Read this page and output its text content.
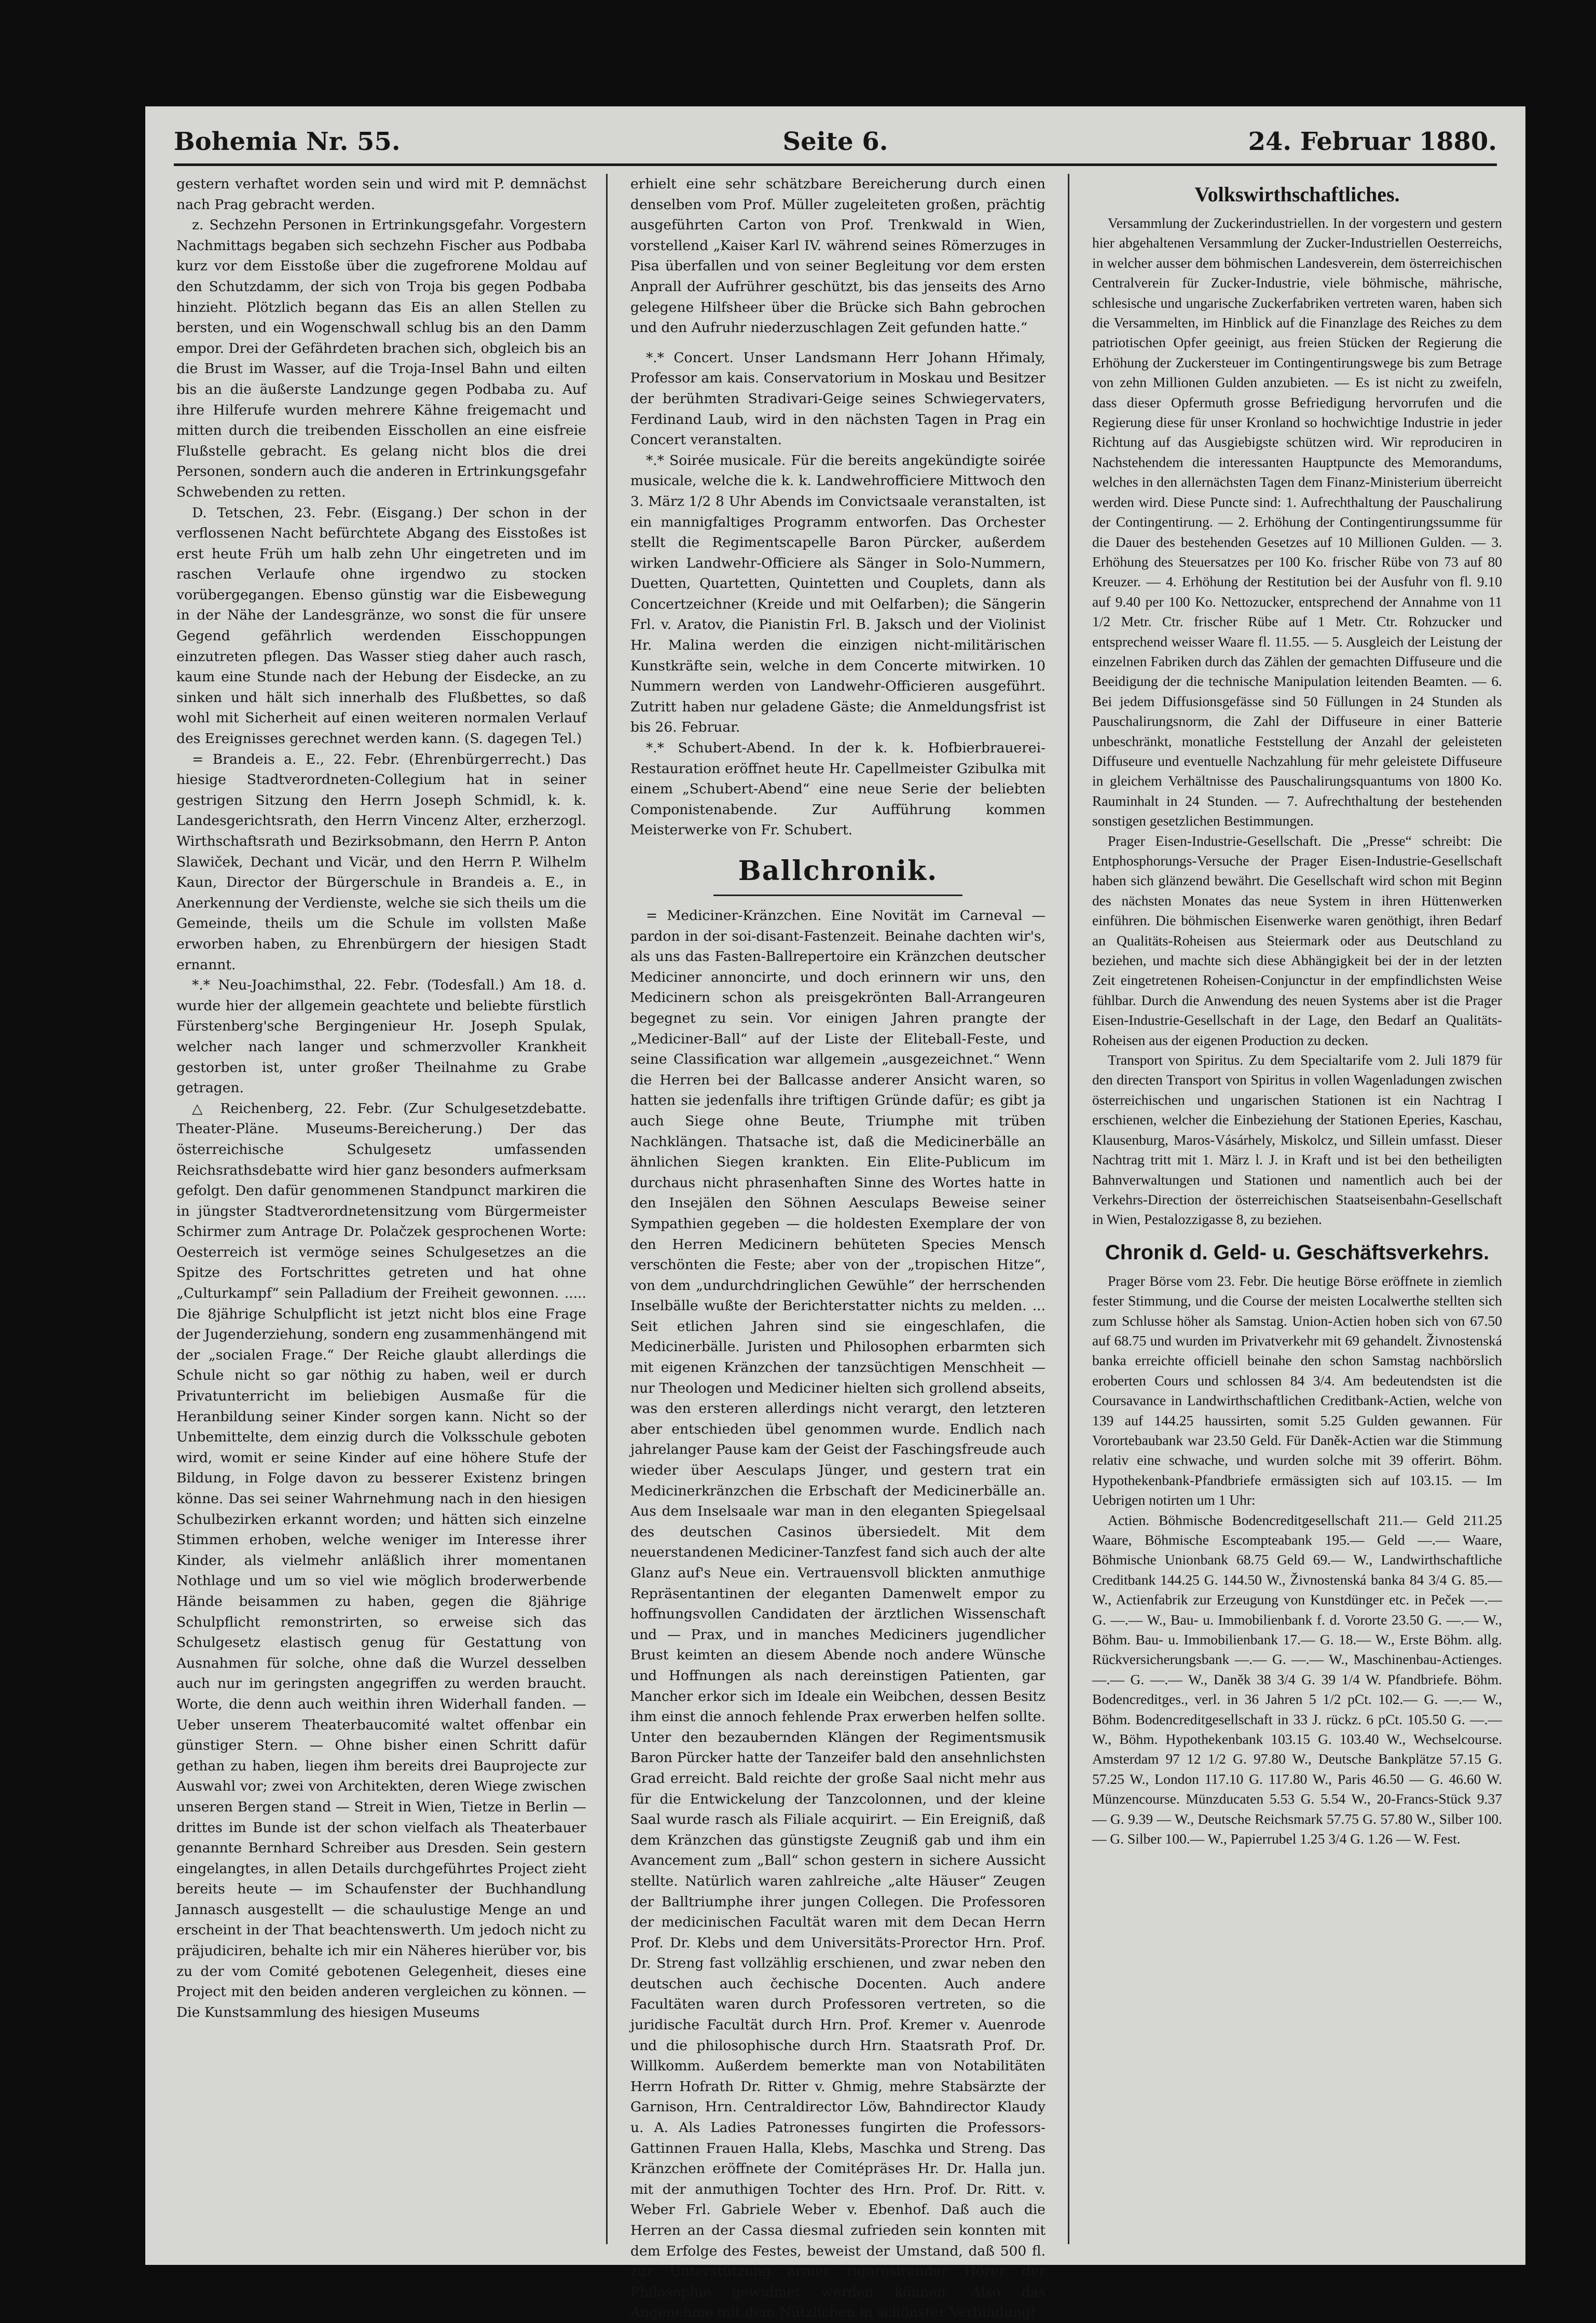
Bohemia Nr. 55.	Seite 6.	24. Februar 1880.

gestern verhaftet worden sein und wird mit P. demnächst nach Prag gebracht werden.

z. Sechzehn Personen in Ertrinkungsgefahr. Vorgestern Nachmittags begaben sich sechzehn Fischer aus Podbaba kurz vor dem Eisstoße über die zugefrorene Moldau auf den Schutzdamm, der sich von Troja bis gegen Podbaba hinzieht. Plötzlich begann das Eis an allen Stellen zu bersten, und ein Wogenschwall schlug bis an den Damm empor. Drei der Gefährdeten brachen sich, obgleich bis an die Brust im Wasser, auf die Troja-Insel Bahn und eilten bis an die äußerste Landzunge gegen Podbaba zu. Auf ihre Hilferufe wurden mehrere Kähne freigemacht und mitten durch die treibenden Eisschollen an eine eisfreie Flußstelle gebracht. Es gelang nicht blos die drei Personen, sondern auch die anderen in Ertrinkungsgefahr Schwebenden zu retten.

D. Tetschen, 23. Febr. (Eisgang.) Der schon in der verflossenen Nacht befürchtete Abgang des Eisstoßes ist erst heute Früh um halb zehn Uhr eingetreten und im raschen Verlaufe ohne irgendwo zu stocken vorübergegangen. Ebenso günstig war die Eisbewegung in der Nähe der Landesgränze, wo sonst die für unsere Gegend gefährlich werdenden Eisschoppungen einzutreten pflegen. Das Wasser stieg daher auch rasch, kaum eine Stunde nach der Hebung der Eisdecke, an zu sinken und hält sich innerhalb des Flußbettes, so daß wohl mit Sicherheit auf einen weiteren normalen Verlauf des Ereignisses gerechnet werden kann. (S. dagegen Tel.)

= Brandeis a. E., 22. Febr. (Ehrenbürgerrecht.) Das hiesige Stadtverordneten-Collegium hat in seiner gestrigen Sitzung den Herrn Joseph Schmidl, k. k. Landesgerichtsrath, den Herrn Vincenz Alter, erzherzogl. Wirthschaftsrath und Bezirksobmann, den Herrn P. Anton Slawiček, Dechant und Vicär, und den Herrn P. Wilhelm Kaun, Director der Bürgerschule in Brandeis a. E., in Anerkennung der Verdienste, welche sie sich theils um die Gemeinde, theils um die Schule im vollsten Maße erworben haben, zu Ehrenbürgern der hiesigen Stadt ernannt.

*.* Neu-Joachimsthal, 22. Febr. (Todesfall.) Am 18. d. wurde hier der allgemein geachtete und beliebte fürstlich Fürstenberg'sche Bergingenieur Hr. Joseph Spulak, welcher nach langer und schmerzvoller Krankheit gestorben ist, unter großer Theilnahme zu Grabe getragen.

△ Reichenberg, 22. Febr. (Zur Schulgesetzdebatte. Theater-Pläne. Museums-Bereicherung.) Der das österreichische Schulgesetz umfassenden Reichsrathsdebatte wird hier ganz besonders aufmerksam gefolgt. Den dafür genommenen Standpunct markiren die in jüngster Stadtverordnetensitzung vom Bürgermeister Schirmer zum Antrage Dr. Polačzek gesprochenen Worte: Oesterreich ist vermöge seines Schulgesetzes an die Spitze des Fortschrittes getreten und hat ohne „Culturkampf“ sein Palladium der Freiheit gewonnen. ..... Die 8jährige Schulpflicht ist jetzt nicht blos eine Frage der Jugenderziehung, sondern eng zusammenhängend mit der „socialen Frage.“ Der Reiche glaubt allerdings die Schule nicht so gar nöthig zu haben, weil er durch Privatunterricht im beliebigen Ausmaße für die Heranbildung seiner Kinder sorgen kann. Nicht so der Unbemittelte, dem einzig durch die Volksschule geboten wird, womit er seine Kinder auf eine höhere Stufe der Bildung, in Folge davon zu besserer Existenz bringen könne. Das sei seiner Wahrnehmung nach in den hiesigen Schulbezirken erkannt worden; und hätten sich einzelne Stimmen erhoben, welche weniger im Interesse ihrer Kinder, als vielmehr anläßlich ihrer momentanen Nothlage und um so viel wie möglich broderwerbende Hände beisammen zu haben, gegen die 8jährige Schulpflicht remonstrirten, so erweise sich das Schulgesetz elastisch genug für Gestattung von Ausnahmen für solche, ohne daß die Wurzel desselben auch nur im geringsten angegriffen zu werden braucht. Worte, die denn auch weithin ihren Widerhall fanden. — Ueber unserem Theaterbaucomité waltet offenbar ein günstiger Stern. — Ohne bisher einen Schritt dafür gethan zu haben, liegen ihm bereits drei Bauprojecte zur Auswahl vor; zwei von Architekten, deren Wiege zwischen unseren Bergen stand — Streit in Wien, Tietze in Berlin — drittes im Bunde ist der schon vielfach als Theaterbauer genannte Bernhard Schreiber aus Dresden. Sein gestern eingelangtes, in allen Details durchgeführtes Project zieht bereits heute — im Schaufenster der Buchhandlung Jannasch ausgestellt — die schaulustige Menge an und erscheint in der That beachtenswerth. Um jedoch nicht zu präjudiciren, behalte ich mir ein Näheres hierüber vor, bis zu der vom Comité gebotenen Gelegenheit, dieses eine Project mit den beiden anderen vergleichen zu können. — Die Kunstsammlung des hiesigen Museums

erhielt eine sehr schätzbare Bereicherung durch einen denselben vom Prof. Müller zugeleiteten großen, prächtig ausgeführten Carton von Prof. Trenkwald in Wien, vorstellend „Kaiser Karl IV. während seines Römerzuges in Pisa überfallen und von seiner Begleitung vor dem ersten Anprall der Aufrührer geschützt, bis das jenseits des Arno gelegene Hilfsheer über die Brücke sich Bahn gebrochen und den Aufruhr niederzuschlagen Zeit gefunden hatte.“

*.* Concert. Unser Landsmann Herr Johann Hřimaly, Professor am kais. Conservatorium in Moskau und Besitzer der berühmten Stradivari-Geige seines Schwiegervaters, Ferdinand Laub, wird in den nächsten Tagen in Prag ein Concert veranstalten.

*.* Soirée musicale. Für die bereits angekündigte soirée musicale, welche die k. k. Landwehrofficiere Mittwoch den 3. März 1/2 8 Uhr Abends im Convictsaale veranstalten, ist ein mannigfaltiges Programm entworfen. Das Orchester stellt die Regimentscapelle Baron Pürcker, außerdem wirken Landwehr-Officiere als Sänger in Solo-Nummern, Duetten, Quartetten, Quintetten und Couplets, dann als Concertzeichner (Kreide und mit Oelfarben); die Sängerin Frl. v. Aratov, die Pianistin Frl. B. Jaksch und der Violinist Hr. Malina werden die einzigen nicht-militärischen Kunstkräfte sein, welche in dem Concerte mitwirken. 10 Nummern werden von Landwehr-Officieren ausgeführt. Zutritt haben nur geladene Gäste; die Anmeldungsfrist ist bis 26. Februar.

*.* Schubert-Abend. In der k. k. Hofbierbrauerei-Restauration eröffnet heute Hr. Capellmeister Gzibulka mit einem „Schubert-Abend“ eine neue Serie der beliebten Componistenabende. Zur Aufführung kommen Meisterwerke von Fr. Schubert.

Ballchronik.

= Mediciner-Kränzchen. Eine Novität im Carneval — pardon in der soi-disant-Fastenzeit. Beinahe dachten wir's, als uns das Fasten-Ballrepertoire ein Kränzchen deutscher Mediciner annoncirte, und doch erinnern wir uns, den Medicinern schon als preisgekrönten Ball-Arrangeuren begegnet zu sein. Vor einigen Jahren prangte der „Mediciner-Ball“ auf der Liste der Eliteball-Feste, und seine Classification war allgemein „ausgezeichnet.“ Wenn die Herren bei der Ballcasse anderer Ansicht waren, so hatten sie jedenfalls ihre triftigen Gründe dafür; es gibt ja auch Siege ohne Beute, Triumphe mit trüben Nachklängen. Thatsache ist, daß die Medicinerbälle an ähnlichen Siegen krankten. Ein Elite-Publicum im durchaus nicht phrasenhaften Sinne des Wortes hatte in den Insejälen den Söhnen Aesculaps Beweise seiner Sympathien gegeben — die holdesten Exemplare der von den Herren Medicinern behüteten Species Mensch verschönten die Feste; aber von der „tropischen Hitze“, von dem „undurchdringlichen Gewühle“ der herrschenden Inselbälle wußte der Berichterstatter nichts zu melden. ... Seit etlichen Jahren sind sie eingeschlafen, die Medicinerbälle. Juristen und Philosophen erbarmten sich mit eigenen Kränzchen der tanzsüchtigen Menschheit — nur Theologen und Mediciner hielten sich grollend abseits, was den ersteren allerdings nicht verargt, den letzteren aber entschieden übel genommen wurde. Endlich nach jahrelanger Pause kam der Geist der Faschingsfreude auch wieder über Aesculaps Jünger, und gestern trat ein Medicinerkränzchen die Erbschaft der Medicinerbälle an. Aus dem Inselsaale war man in den eleganten Spiegelsaal des deutschen Casinos übersiedelt. Mit dem neuerstandenen Mediciner-Tanzfest fand sich auch der alte Glanz auf's Neue ein. Vertrauensvoll blickten anmuthige Repräsentantinen der eleganten Damenwelt empor zu hoffnungsvollen Candidaten der ärztlichen Wissenschaft und — Prax, und in manches Mediciners jugendlicher Brust keimten an diesem Abende noch andere Wünsche und Hoffnungen als nach dereinstigen Patienten, gar Mancher erkor sich im Ideale ein Weibchen, dessen Besitz ihm einst die annoch fehlende Prax erwerben helfen sollte. Unter den bezaubernden Klängen der Regimentsmusik Baron Pürcker hatte der Tanzeifer bald den ansehnlichsten Grad erreicht. Bald reichte der große Saal nicht mehr aus für die Entwickelung der Tanzcolonnen, und der kleine Saal wurde rasch als Filiale acquirirt. — Ein Ereigniß, daß dem Kränzchen das günstigste Zeugniß gab und ihm ein Avancement zum „Ball“ schon gestern in sichere Aussicht stellte. Natürlich waren zahlreiche „alte Häuser“ Zeugen der Balltriumphe ihrer jungen Collegen. Die Professoren der medicinischen Facultät waren mit dem Decan Herrn Prof. Dr. Klebs und dem Universitäts-Prorector Hrn. Prof. Dr. Streng fast vollzählig erschienen, und zwar neben den deutschen auch čechische Docenten. Auch andere Facultäten waren durch Professoren vertreten, so die juridische Facultät durch Hrn. Prof. Kremer v. Auenrode und die philosophische durch Hrn. Staatsrath Prof. Dr. Willkomm. Außerdem bemerkte man von Notabilitäten Herrn Hofrath Dr. Ritter v. Ghmig, mehre Stabsärzte der Garnison, Hrn. Centraldirector Löw, Bahndirector Klaudy u. A. Als Ladies Patronesses fungirten die Professors-Gattinnen Frauen Halla, Klebs, Maschka und Streng. Das Kränzchen eröffnete der Comitépräses Hr. Dr. Halla jun. mit der anmuthigen Tochter des Hrn. Prof. Dr. Ritt. v. Weber Frl. Gabriele Weber v. Ebenhof. Daß auch die Herren an der Cassa diesmal zufrieden sein konnten mit dem Erfolge des Festes, beweist der Umstand, daß 500 fl. zur Unterstützung armer rigorosirender Hörer der Philosophie gewidmet werden können. Also das Angenehme mit dem Nützlichen in schönster Verbindung!

Volkswirthschaftliches.

Versammlung der Zuckerindustriellen. In der vorgestern und gestern hier abgehaltenen Versammlung der Zucker-Industriellen Oesterreichs, in welcher ausser dem böhmischen Landesverein, dem österreichischen Centralverein für Zucker-Industrie, viele böhmische, mährische, schlesische und ungarische Zuckerfabriken vertreten waren, haben sich die Versammelten, im Hinblick auf die Finanzlage des Reiches zu dem patriotischen Opfer geeinigt, aus freien Stücken der Regierung die Erhöhung der Zuckersteuer im Contingentirungswege bis zum Betrage von zehn Millionen Gulden anzubieten. — Es ist nicht zu zweifeln, dass dieser Opfermuth grosse Befriedigung hervorrufen und die Regierung diese für unser Kronland so hochwichtige Industrie in jeder Richtung auf das Ausgiebigste schützen wird. Wir reproduciren in Nachstehendem die interessanten Hauptpuncte des Memorandums, welches in den allernächsten Tagen dem Finanz-Ministerium überreicht werden wird. Diese Puncte sind: 1. Aufrechthaltung der Pauschalirung der Contingentirung. — 2. Erhöhung der Contingentirungssumme für die Dauer des bestehenden Gesetzes auf 10 Millionen Gulden. — 3. Erhöhung des Steuersatzes per 100 Ko. frischer Rübe von 73 auf 80 Kreuzer. — 4. Erhöhung der Restitution bei der Ausfuhr von fl. 9.10 auf 9.40 per 100 Ko. Nettozucker, entsprechend der Annahme von 11 1/2 Metr. Ctr. frischer Rübe auf 1 Metr. Ctr. Rohzucker und entsprechend weisser Waare fl. 11.55. — 5. Ausgleich der Leistung der einzelnen Fabriken durch das Zählen der gemachten Diffuseure und die Beeidigung der die technische Manipulation leitenden Beamten. — 6. Bei jedem Diffusionsgefässe sind 50 Füllungen in 24 Stunden als Pauschalirungsnorm, die Zahl der Diffuseure in einer Batterie unbeschränkt, monatliche Feststellung der Anzahl der geleisteten Diffuseure und eventuelle Nachzahlung für mehr geleistete Diffuseure in gleichem Verhältnisse des Pauschalirungsquantums von 1800 Ko. Rauminhalt in 24 Stunden. — 7. Aufrechthaltung der bestehenden sonstigen gesetzlichen Bestimmungen.

Prager Eisen-Industrie-Gesellschaft. Die „Presse“ schreibt: Die Entphosphorungs-Versuche der Prager Eisen-Industrie-Gesellschaft haben sich glänzend bewährt. Die Gesellschaft wird schon mit Beginn des nächsten Monates das neue System in ihren Hüttenwerken einführen. Die böhmischen Eisenwerke waren genöthigt, ihren Bedarf an Qualitäts-Roheisen aus Steiermark oder aus Deutschland zu beziehen, und machte sich diese Abhängigkeit bei der in der letzten Zeit eingetretenen Roheisen-Conjunctur in der empfindlichsten Weise fühlbar. Durch die Anwendung des neuen Systems aber ist die Prager Eisen-Industrie-Gesellschaft in der Lage, den Bedarf an Qualitäts-Roheisen aus der eigenen Production zu decken.

Transport von Spiritus. Zu dem Specialtarife vom 2. Juli 1879 für den directen Transport von Spiritus in vollen Wagenladungen zwischen österreichischen und ungarischen Stationen ist ein Nachtrag I erschienen, welcher die Einbeziehung der Stationen Eperies, Kaschau, Klausenburg, Maros-Vásárhely, Miskolcz, und Sillein umfasst. Dieser Nachtrag tritt mit 1. März l. J. in Kraft und ist bei den betheiligten Bahnverwaltungen und Stationen und namentlich auch bei der Verkehrs-Direction der österreichischen Staatseisenbahn-Gesellschaft in Wien, Pestalozzigasse 8, zu beziehen.

Chronik d. Geld- u. Geschäftsverkehrs.

Prager Börse vom 23. Febr. Die heutige Börse eröffnete in ziemlich fester Stimmung, und die Course der meisten Localwerthe stellten sich zum Schlusse höher als Samstag. Union-Actien hoben sich von 67.50 auf 68.75 und wurden im Privatverkehr mit 69 gehandelt. Živnostenská banka erreichte officiell beinahe den schon Samstag nachbörslich eroberten Cours und schlossen 84 3/4. Am bedeutendsten ist die Coursavance in Landwirthschaftlichen Creditbank-Actien, welche von 139 auf 144.25 haussirten, somit 5.25 Gulden gewannen. Für Vorortebaubank war 23.50 Geld. Für Daněk-Actien war die Stimmung relativ eine schwache, und wurden solche mit 39 offerirt. Böhm. Hypothekenbank-Pfandbriefe ermässigten sich auf 103.15. — Im Uebrigen notirten um 1 Uhr:

Actien. Böhmische Bodencreditgesellschaft 211.— Geld 211.25 Waare, Böhmische Escompteabank 195.— Geld —.— Waare, Böhmische Unionbank 68.75 Geld 69.— W., Landwirthschaftliche Creditbank 144.25 G. 144.50 W., Živnostenská banka 84 3/4 G. 85.— W., Actienfabrik zur Erzeugung von Kunstdünger etc. in Peček —.— G. —.— W., Bau- u. Immobilienbank f. d. Vororte 23.50 G. —.— W., Böhm. Bau- u. Immobilienbank 17.— G. 18.— W., Erste Böhm. allg. Rückversicherungsbank —.— G. —.— W., Maschinenbau-Actienges. —.— G. —.— W., Daněk 38 3/4 G. 39 1/4 W. Pfandbriefe. Böhm. Bodencreditges., verl. in 36 Jahren 5 1/2 pCt. 102.— G. —.— W., Böhm. Bodencreditgesellschaft in 33 J. rückz. 6 pCt. 105.50 G. —.— W., Böhm. Hypothekenbank 103.15 G. 103.40 W., Wechselcourse. Amsterdam 97 12 1/2 G. 97.80 W., Deutsche Bankplätze 57.15 G. 57.25 W., London 117.10 G. 117.80 W., Paris 46.50 — G. 46.60 W. Münzencourse. Münzducaten 5.53 G. 5.54 W., 20-Francs-Stück 9.37 — G. 9.39 — W., Deutsche Reichsmark 57.75 G. 57.80 W., Silber 100.— G. Silber 100.— W., Papierrubel 1.25 3/4 G. 1.26 — W. Fest.
